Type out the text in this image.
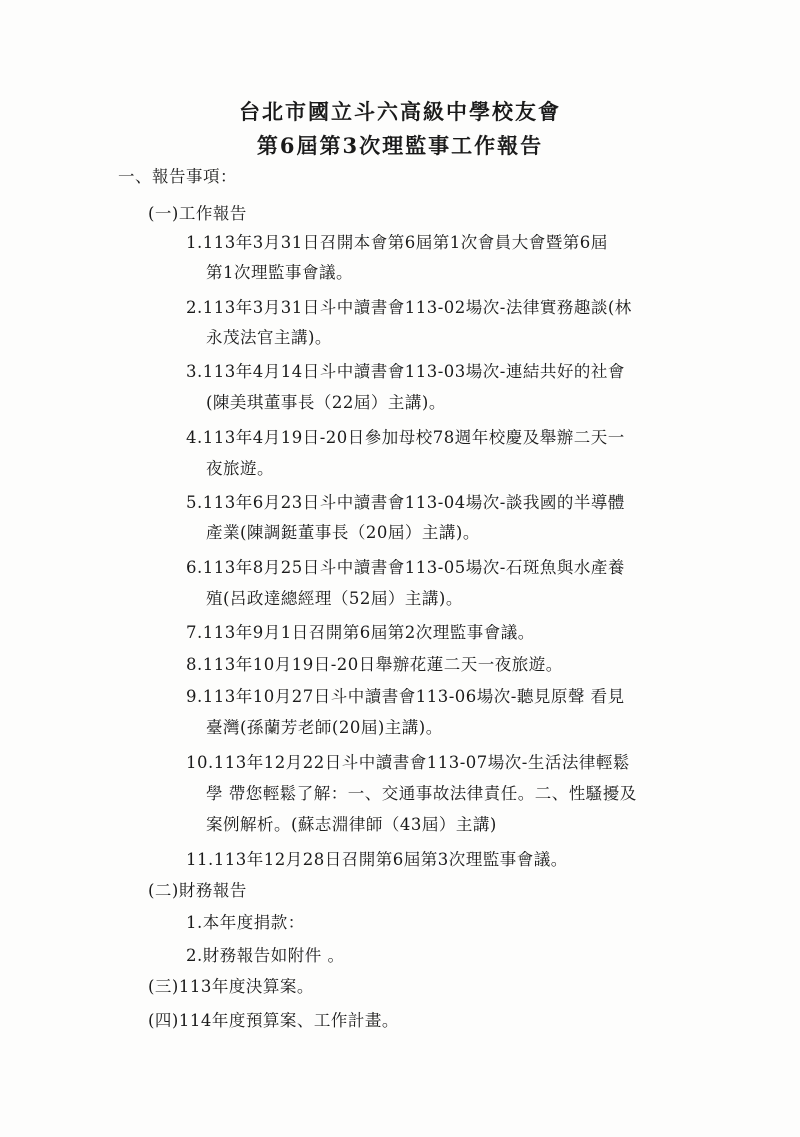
台北市國立斗六高級中學校友會
第6屆第3次理監事工作報告
一、報告事項：
(一)工作報告
1.113年3月31日召開本會第6屆第1次會員大會暨第6屆
第1次理監事會議。
2.113年3月31日斗中讀書會113-02場次-法律實務趣談(林
永茂法官主講)。
3.113年4月14日斗中讀書會113-03場次-連結共好的社會
(陳美琪董事長（22屆）主講)。
4.113年4月19日-20日參加母校78週年校慶及舉辦二天一
夜旅遊。
5.113年6月23日斗中讀書會113-04場次-談我國的半導體
產業(陳調鋌董事長（20屆）主講)。
6.113年8月25日斗中讀書會113-05場次-石斑魚與水產養
殖(呂政達總經理（52屆）主講)。
7.113年9月1日召開第6屆第2次理監事會議。
8.113年10月19日-20日舉辦花蓮二天一夜旅遊。
9.113年10月27日斗中讀書會113-06場次-聽見原聲 看見
臺灣(孫蘭芳老師(20屆)主講)。
10.113年12月22日斗中讀書會113-07場次-生活法律輕鬆
學 帶您輕鬆了解：一、交通事故法律責任。二、性騷擾及
案例解析。(蘇志淵律師（43屆）主講)
11.113年12月28日召開第6屆第3次理監事會議。
(二)財務報告
1.本年度捐款：
2.財務報告如附件 。
(三)113年度決算案。
(四)114年度預算案、工作計畫。
